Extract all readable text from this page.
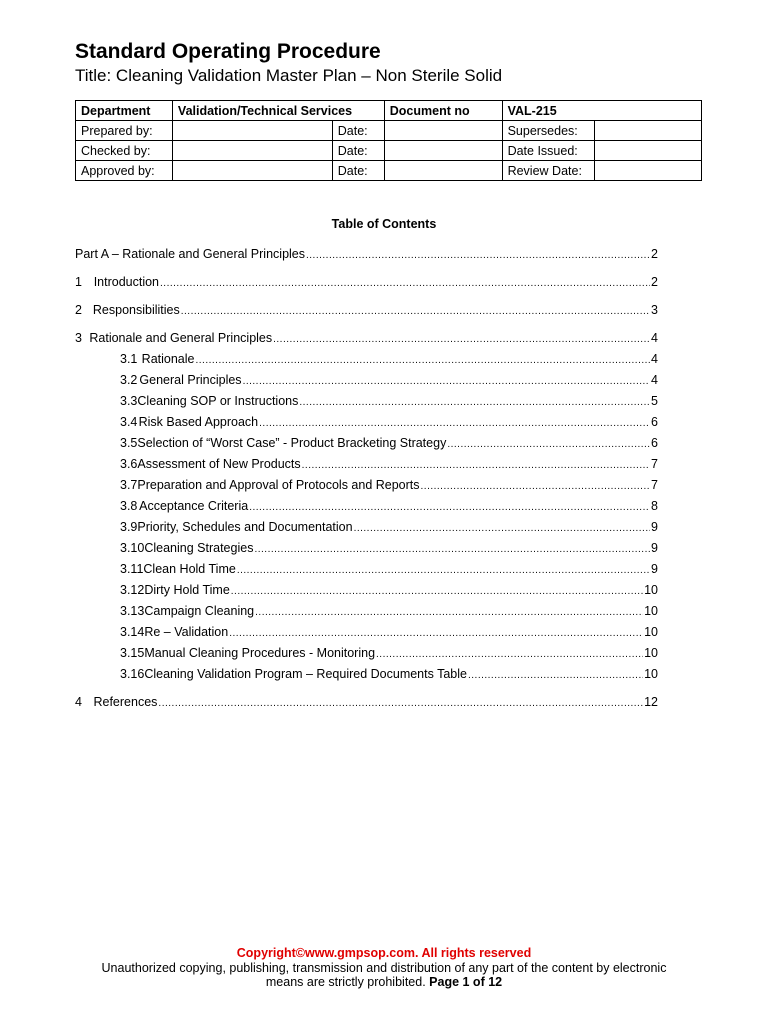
Standard Operating Procedure
Title: Cleaning Validation Master Plan – Non Sterile Solid
Department	Validation/Technical Services		Document no	VAL-215	
Prepared by:		Date:		Supersedes:	
Checked by:		Date:		Date Issued:	
Approved by:		Date:		Review Date:	
Table of Contents
Part A – Rationale and General Principles .....	2
1 Introduction .....	2
2 Responsibilities .....	3
3 Rationale and General Principles .....	4
3.1 Rationale .....	4
3.2 General Principles .....	4
3.3 Cleaning SOP or Instructions .....	5
3.4 Risk Based Approach .....	6
3.5 Selection of “Worst Case” - Product Bracketing Strategy .....	6
3.6 Assessment of New Products .....	7
3.7 Preparation and Approval of Protocols and Reports .....	7
3.8 Acceptance Criteria .....	8
3.9 Priority, Schedules and Documentation .....	9
3.10 Cleaning Strategies .....	9
3.11 Clean Hold Time .....	9
3.12 Dirty Hold Time .....	10
3.13 Campaign Cleaning .....	10
3.14 Re – Validation .....	10
3.15 Manual Cleaning Procedures - Monitoring .....	10
3.16 Cleaning Validation Program – Required Documents Table .....	10
4 References .....	12
Copyright©www.gmpsop.com. All rights reserved
Unauthorized copying, publishing, transmission and distribution of any part of the content by electronic
means are strictly prohibited. Page 1 of 12
